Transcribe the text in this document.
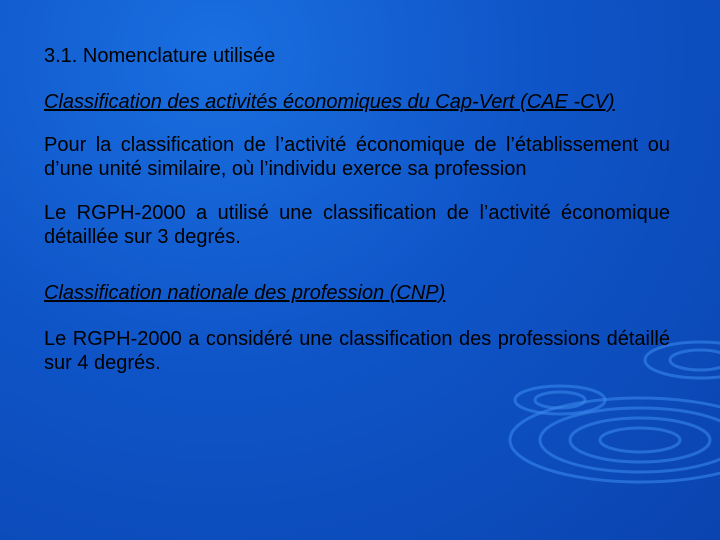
3.1. Nomenclature utilisée

Classification des activités économiques du Cap-Vert (CAE -CV)

Pour la classification de l’activité économique de l’établissement ou d’une unité similaire, où l’individu exerce sa profession

Le RGPH-2000 a utilisé une classification de l’activité économique détaillée sur 3 degrés.

Classification nationale des profession (CNP)

Le RGPH-2000 a considéré une classification des professions détaillé sur 4 degrés.
